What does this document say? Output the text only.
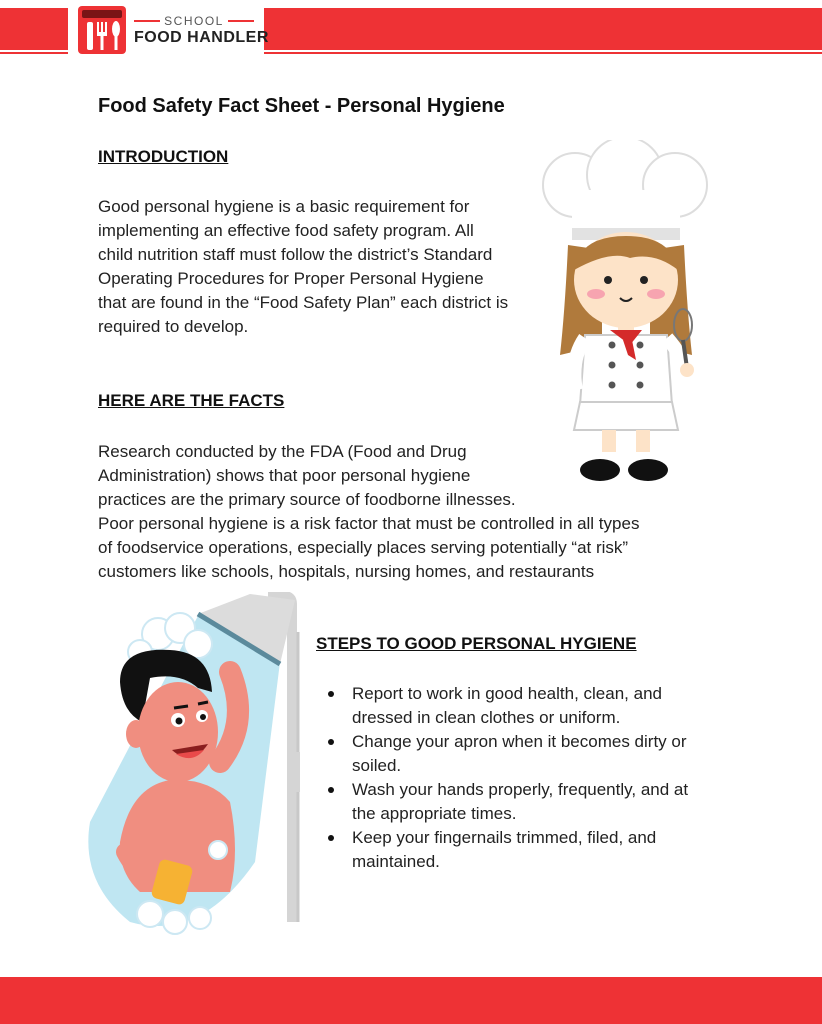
SCHOOL
FOOD HANDLER
Food Safety Fact Sheet - Personal Hygiene
INTRODUCTION
Good personal hygiene is a basic requirement for
implementing an effective food safety program. All
child nutrition staff must follow the district’s Standard
Operating Procedures for Proper Personal Hygiene
that are found in the “Food Safety Plan” each district is
required to develop.
HERE ARE THE FACTS
Research conducted by the FDA (Food and Drug
Administration) shows that poor personal hygiene
practices are the primary source of foodborne illnesses.
Poor personal hygiene is a risk factor that must be controlled in all types
of foodservice operations, especially places serving potentially “at risk”
customers like schools, hospitals, nursing homes, and restaurants
STEPS TO GOOD PERSONAL HYGIENE
Report to work in good health, clean, and
dressed in clean clothes or uniform.
Change your apron when it becomes dirty or
soiled.
Wash your hands properly, frequently, and at
the appropriate times.
Keep your fingernails trimmed, filed, and
maintained.
